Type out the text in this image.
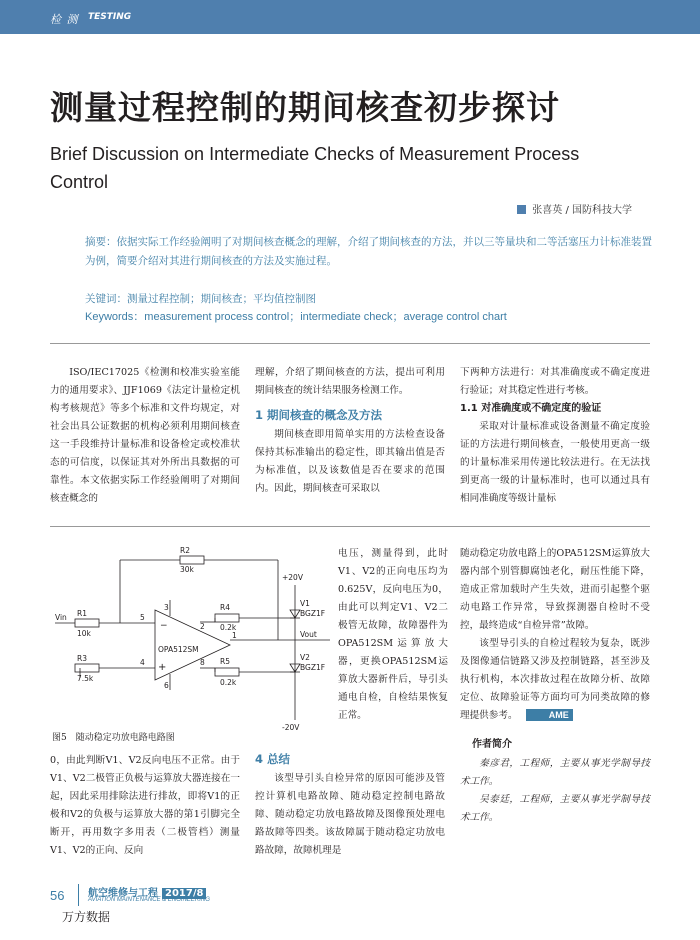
检 测 TESTING
测量过程控制的期间核查初步探讨
Brief Discussion on Intermediate Checks of Measurement Process Control
张喜英 / 国防科技大学
摘要：依据实际工作经验阐明了对期间核查概念的理解，介绍了期间核查的方法，并以三等量块和二等活塞压力计标准装置为例，简要介绍对其进行期间核查的方法及实施过程。
关键词：测量过程控制；期间核查；平均值控制图
Keywords：measurement process control；intermediate check；average control chart

ISO/IEC17025《检测和校准实验室能力的通用要求》、JJF1069《法定计量检定机构考核规范》等多个标准和文件均规定，对社会出具公证数据的机构必须利用期间核查这一手段维持计量标准和设备检定或校准状态的可信度，以保证其对外所出具数据的可靠性。本文依据实际工作经验阐明了对期间核查概念的

理解，介绍了期间核查的方法，提出可利用期间核查的统计结果服务检测工作。

1 期间核查的概念及方法

期间核查即用简单实用的方法检查设备保持其标准输出的稳定性，即其输出值是否为标准值，以及该数值是否在要求的范围内。因此，期间核查可采取以

下两种方法进行：对其准确度或不确定度进行验证；对其稳定性进行考核。

1.1 对准确度或不确定度的验证

采取对计量标准或设备测量不确定度验证的方法进行期间核查，一般使用更高一级的计量标准采用传递比较法进行。在无法找到更高一级的计量标准时，也可以通过具有相同准确度等级计量标

R2
30k
Vin R1
10k
R3
7.5k
OPA512SM
−
+
5
4
3
6
2
8
1
R4
0.2k
R5
0.2k
+20V
-20V
V1
BGZ1F
V2
BGZ1F
Vout
图5　随动稳定功放电路电路图

电压，测量得到，此时V1、V2的正向电压均为0.625V，反向电压为0，由此可以判定V1、V2二极管无故障，故障器件为OPA512SM运算放大器，更换OPA512SM运算放大器新件后，导引头通电自检，自检结果恢复正常。

随动稳定功放电路上的OPA512SM运算放大器内部个别管脚腐蚀老化，耐压性能下降，造成正常加载时产生失效，进而引起整个驱动电路工作异常，导致探测器自检时不受控，最终造成“自检异常”故障。

该型导引头的自检过程较为复杂，既涉及图像通信链路又涉及控制链路，甚至涉及执行机构，本次排故过程在故障分析、故障定位、故障验证等方面均可为同类故障的修理提供参考。	AME

作者简介

秦彦君，工程师，主要从事光学制导技术工作。

吴泰廷，工程师，主要从事光学制导技术工作。

0，由此判断V1、V2反向电压不正常。由于V1、V2二极管正负极与运算放大器连接在一起，因此采用排除法进行排故，即将V1的正极和V2的负极与运算放大器的第1引脚完全断开，再用数字多用表（二极管档）测量V1、V2的正向、反向

4 总结

该型导引头自检异常的原因可能涉及管控计算机电路故障、随动稳定控制电路故障、随动稳定功放电路故障及图像预处理电路故障等四类。该故障属于随动稳定功放电路故障，故障机理是

56 航空维修与工程 2017/8
AVIATION MAINTENANCE & ENGINEERING
万方数据
